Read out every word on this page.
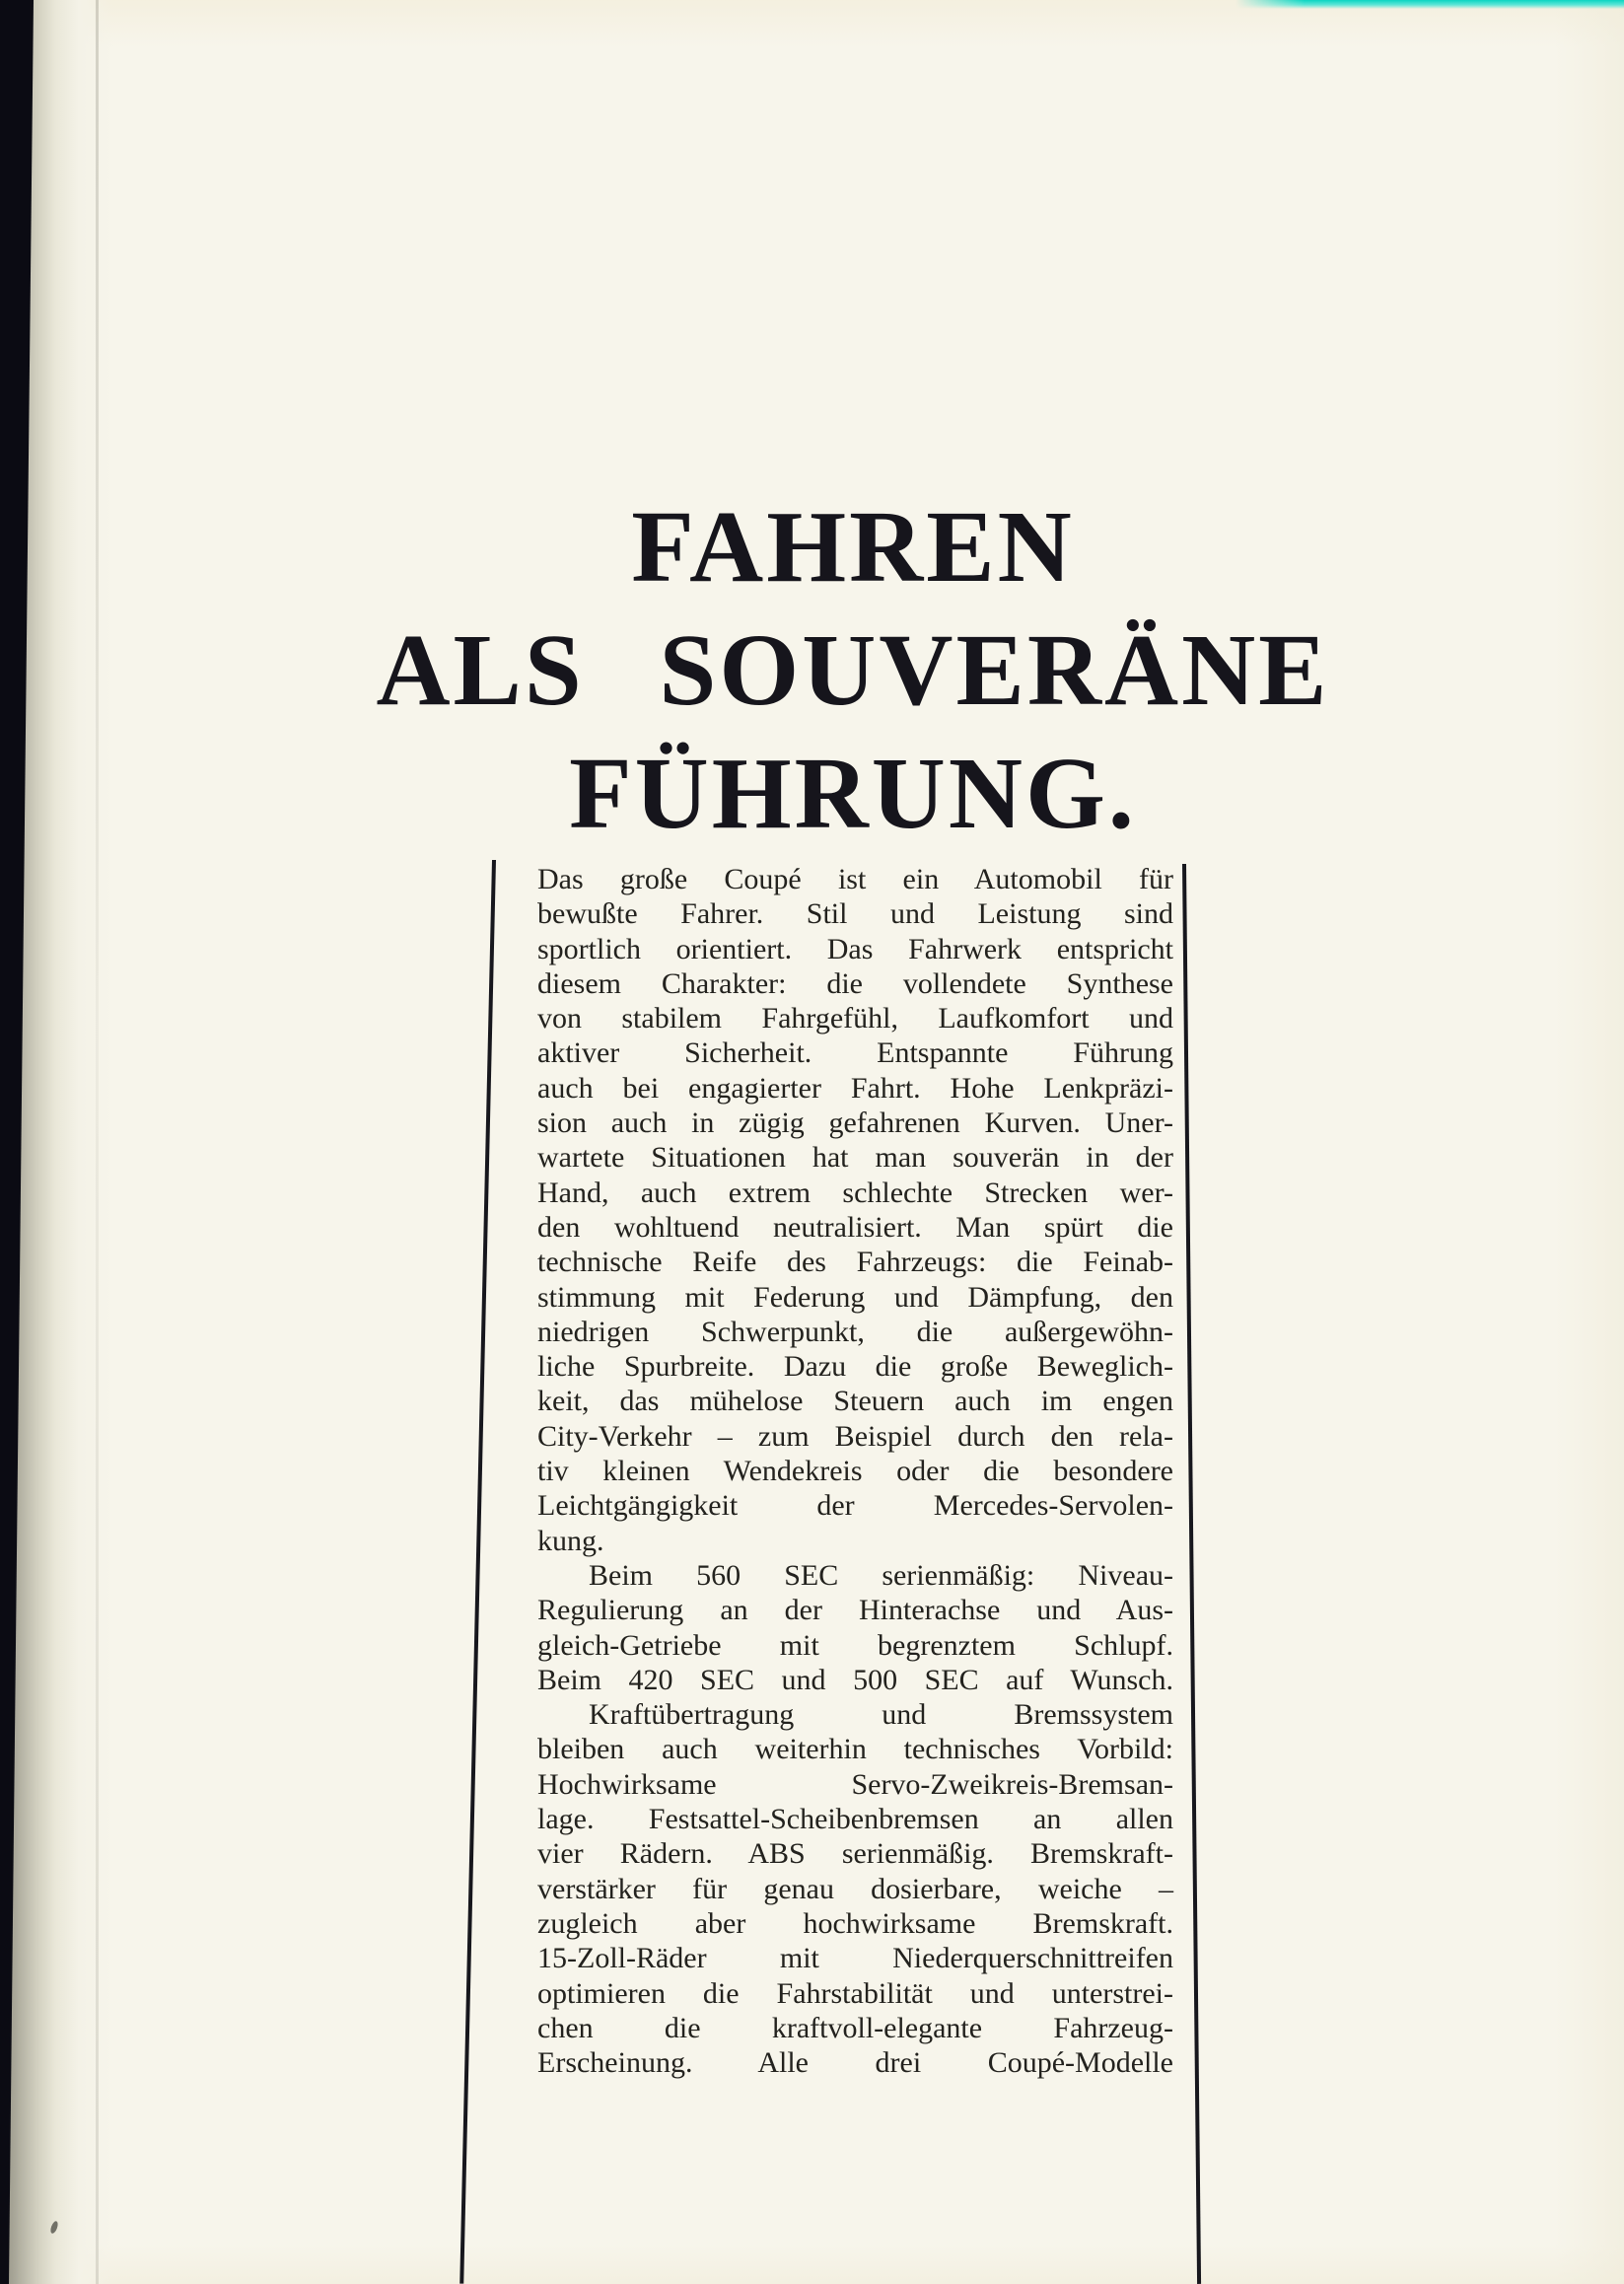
FAHREN
ALS SOUVERÄNE
FÜHRUNG.
Das große Coupé ist ein Automobil für
bewußte Fahrer. Stil und Leistung sind
sportlich orientiert. Das Fahrwerk entspricht
diesem Charakter: die vollendete Synthese
von stabilem Fahrgefühl, Laufkomfort und
aktiver Sicherheit. Entspannte Führung
auch bei engagierter Fahrt. Hohe Lenkpräzi-
sion auch in zügig gefahrenen Kurven. Uner-
wartete Situationen hat man souverän in der
Hand, auch extrem schlechte Strecken wer-
den wohltuend neutralisiert. Man spürt die
technische Reife des Fahrzeugs: die Feinab-
stimmung mit Federung und Dämpfung, den
niedrigen Schwerpunkt, die außergewöhn-
liche Spurbreite. Dazu die große Beweglich-
keit, das mühelose Steuern auch im engen
City-Verkehr – zum Beispiel durch den rela-
tiv kleinen Wendekreis oder die besondere
Leichtgängigkeit der Mercedes-Servolen-
kung.
Beim 560 SEC serienmäßig: Niveau-
Regulierung an der Hinterachse und Aus-
gleich-Getriebe mit begrenztem Schlupf.
Beim 420 SEC und 500 SEC auf Wunsch.
Kraftübertragung und Bremssystem
bleiben auch weiterhin technisches Vorbild:
Hochwirksame Servo-Zweikreis-Bremsan-
lage. Festsattel-Scheibenbremsen an allen
vier Rädern. ABS serienmäßig. Bremskraft-
verstärker für genau dosierbare, weiche –
zugleich aber hochwirksame Bremskraft.
15-Zoll-Räder mit Niederquerschnittreifen
optimieren die Fahrstabilität und unterstrei-
chen die kraftvoll-elegante Fahrzeug-
Erscheinung. Alle drei Coupé-Modelle
